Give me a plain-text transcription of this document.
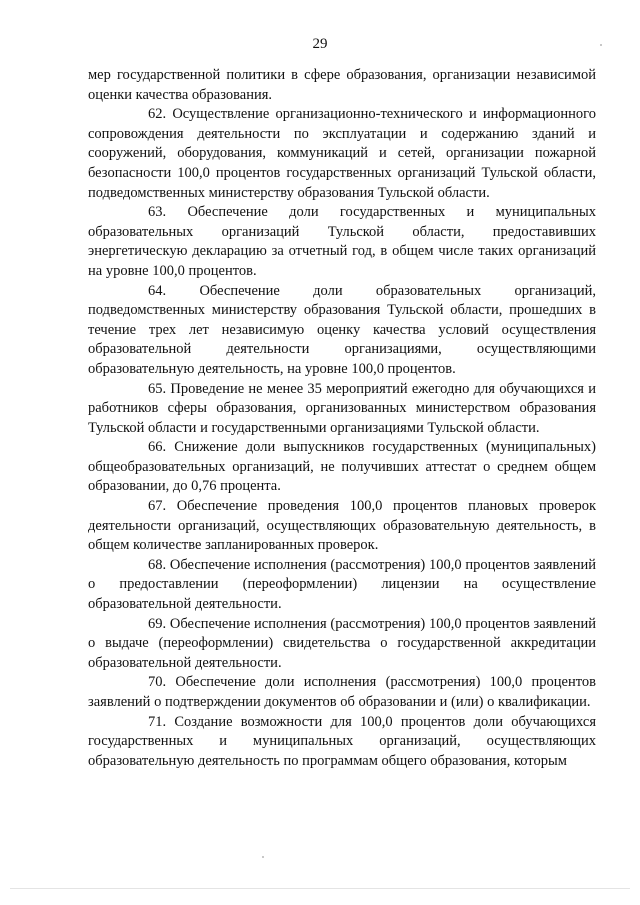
29

мер государственной политики в сфере образования, организации независимой оценки качества образования.

62. Осуществление организационно-технического и информационного сопровождения деятельности по эксплуатации и содержанию зданий и сооружений, оборудования, коммуникаций и сетей, организации пожарной безопасности 100,0 процентов государственных организаций Тульской области, подведомственных министерству образования Тульской области.

63. Обеспечение доли государственных и муниципальных образовательных организаций Тульской области, предоставивших энергетическую декларацию за отчетный год, в общем числе таких организаций на уровне 100,0 процентов.

64. Обеспечение доли образовательных организаций, подведомственных министерству образования Тульской области, прошедших в течение трех лет независимую оценку качества условий осуществления образовательной деятельности организациями, осуществляющими образовательную деятельность, на уровне 100,0 процентов.

65. Проведение не менее 35 мероприятий ежегодно для обучающихся и работников сферы образования, организованных министерством образования Тульской области и государственными организациями Тульской области.

66. Снижение доли выпускников государственных (муниципальных) общеобразовательных организаций, не получивших аттестат о среднем общем образовании, до 0,76 процента.

67. Обеспечение проведения 100,0 процентов плановых проверок деятельности организаций, осуществляющих образовательную деятельность, в общем количестве запланированных проверок.

68. Обеспечение исполнения (рассмотрения) 100,0 процентов заявлений о предоставлении (переоформлении) лицензии на осуществление образовательной деятельности.

69. Обеспечение исполнения (рассмотрения) 100,0 процентов заявлений о выдаче (переоформлении) свидетельства о государственной аккредитации образовательной деятельности.

70. Обеспечение доли исполнения (рассмотрения) 100,0 процентов заявлений о подтверждении документов об образовании и (или) о квалификации.

71. Создание возможности для 100,0 процентов доли обучающихся государственных и муниципальных организаций, осуществляющих образовательную деятельность по программам общего образования, которым
